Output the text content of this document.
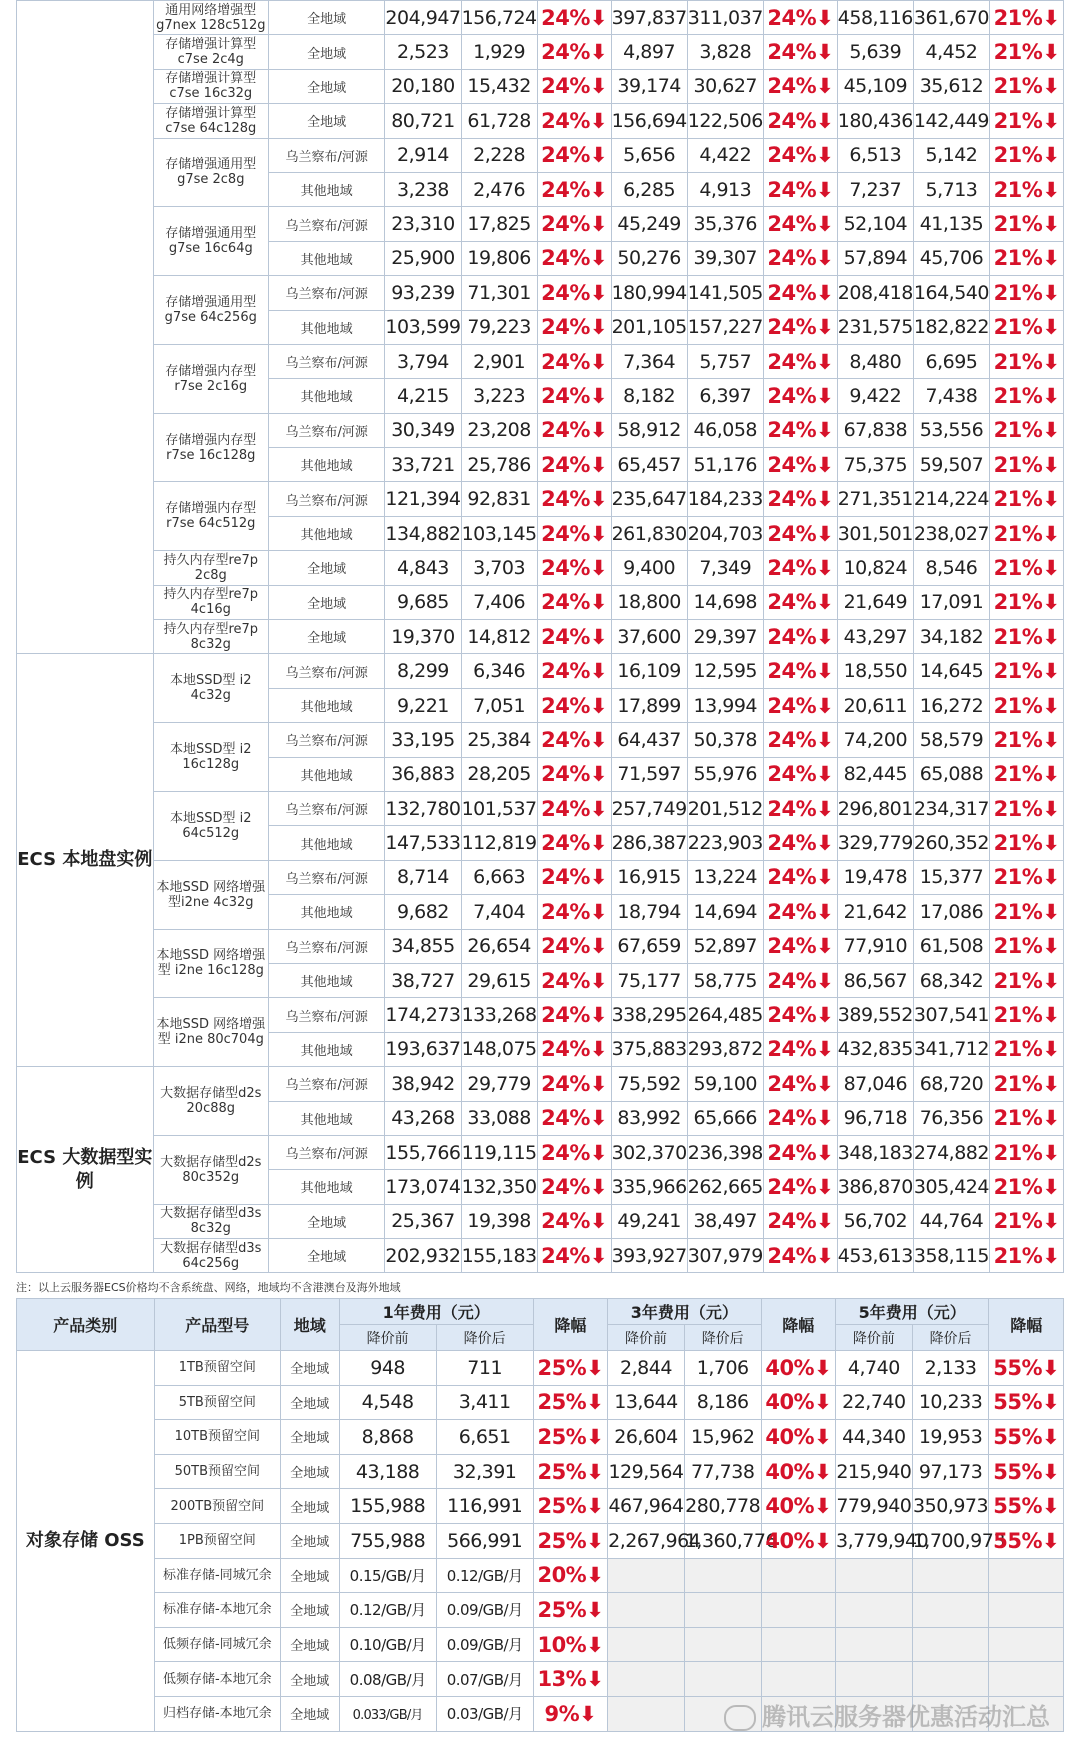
	通用网络增强型 g7nex 128c512g	全地域	204,947	156,724	24%⬇	397,837	311,037	24%⬇	458,116	361,670	21%⬇
	存储增强计算型 c7se 2c4g	全地域	2,523	1,929	24%⬇	4,897	3,828	24%⬇	5,639	4,452	21%⬇
	存储增强计算型 c7se 16c32g	全地域	20,180	15,432	24%⬇	39,174	30,627	24%⬇	45,109	35,612	21%⬇
	存储增强计算型 c7se 64c128g	全地域	80,721	61,728	24%⬇	156,694	122,506	24%⬇	180,436	142,449	21%⬇
	存储增强通用型 g7se 2c8g	乌兰察布/河源	2,914	2,228	24%⬇	5,656	4,422	24%⬇	6,513	5,142	21%⬇
		其他地域	3,238	2,476	24%⬇	6,285	4,913	24%⬇	7,237	5,713	21%⬇
	存储增强通用型 g7se 16c64g	乌兰察布/河源	23,310	17,825	24%⬇	45,249	35,376	24%⬇	52,104	41,135	21%⬇
		其他地域	25,900	19,806	24%⬇	50,276	39,307	24%⬇	57,894	45,706	21%⬇
	存储增强通用型 g7se 64c256g	乌兰察布/河源	93,239	71,301	24%⬇	180,994	141,505	24%⬇	208,418	164,540	21%⬇
		其他地域	103,599	79,223	24%⬇	201,105	157,227	24%⬇	231,575	182,822	21%⬇
	存储增强内存型 r7se 2c16g	乌兰察布/河源	3,794	2,901	24%⬇	7,364	5,757	24%⬇	8,480	6,695	21%⬇
		其他地域	4,215	3,223	24%⬇	8,182	6,397	24%⬇	9,422	7,438	21%⬇
	存储增强内存型 r7se 16c128g	乌兰察布/河源	30,349	23,208	24%⬇	58,912	46,058	24%⬇	67,838	53,556	21%⬇
		其他地域	33,721	25,786	24%⬇	65,457	51,176	24%⬇	75,375	59,507	21%⬇
	存储增强内存型 r7se 64c512g	乌兰察布/河源	121,394	92,831	24%⬇	235,647	184,233	24%⬇	271,351	214,224	21%⬇
		其他地域	134,882	103,145	24%⬇	261,830	204,703	24%⬇	301,501	238,027	21%⬇
	持久内存型re7p 2c8g	全地域	4,843	3,703	24%⬇	9,400	7,349	24%⬇	10,824	8,546	21%⬇
	持久内存型re7p 4c16g	全地域	9,685	7,406	24%⬇	18,800	14,698	24%⬇	21,649	17,091	21%⬇
	持久内存型re7p 8c32g	全地域	19,370	14,812	24%⬇	37,600	29,397	24%⬇	43,297	34,182	21%⬇
ECS 本地盘实例	本地SSD型 i2 4c32g	乌兰察布/河源	8,299	6,346	24%⬇	16,109	12,595	24%⬇	18,550	14,645	21%⬇
		其他地域	9,221	7,051	24%⬇	17,899	13,994	24%⬇	20,611	16,272	21%⬇
	本地SSD型 i2 16c128g	乌兰察布/河源	33,195	25,384	24%⬇	64,437	50,378	24%⬇	74,200	58,579	21%⬇
		其他地域	36,883	28,205	24%⬇	71,597	55,976	24%⬇	82,445	65,088	21%⬇
	本地SSD型 i2 64c512g	乌兰察布/河源	132,780	101,537	24%⬇	257,749	201,512	24%⬇	296,801	234,317	21%⬇
		其他地域	147,533	112,819	24%⬇	286,387	223,903	24%⬇	329,779	260,352	21%⬇
	本地SSD 网络增强型i2ne 4c32g	乌兰察布/河源	8,714	6,663	24%⬇	16,915	13,224	24%⬇	19,478	15,377	21%⬇
		其他地域	9,682	7,404	24%⬇	18,794	14,694	24%⬇	21,642	17,086	21%⬇
	本地SSD 网络增强型 i2ne 16c128g	乌兰察布/河源	34,855	26,654	24%⬇	67,659	52,897	24%⬇	77,910	61,508	21%⬇
		其他地域	38,727	29,615	24%⬇	75,177	58,775	24%⬇	86,567	68,342	21%⬇
	本地SSD 网络增强型 i2ne 80c704g	乌兰察布/河源	174,273	133,268	24%⬇	338,295	264,485	24%⬇	389,552	307,541	21%⬇
		其他地域	193,637	148,075	24%⬇	375,883	293,872	24%⬇	432,835	341,712	21%⬇
ECS 大数据型实例	大数据存储型d2s 20c88g	乌兰察布/河源	38,942	29,779	24%⬇	75,592	59,100	24%⬇	87,046	68,720	21%⬇
		其他地域	43,268	33,088	24%⬇	83,992	65,666	24%⬇	96,718	76,356	21%⬇
	大数据存储型d2s 80c352g	乌兰察布/河源	155,766	119,115	24%⬇	302,370	236,398	24%⬇	348,183	274,882	21%⬇
		其他地域	173,074	132,350	24%⬇	335,966	262,665	24%⬇	386,870	305,424	21%⬇
	大数据存储型d3s 8c32g	全地域	25,367	19,398	24%⬇	49,241	38,497	24%⬇	56,702	44,764	21%⬇
	大数据存储型d3s 64c256g	全地域	202,932	155,183	24%⬇	393,927	307,979	24%⬇	453,613	358,115	21%⬇
注：以上云服务器ECS价格均不含系统盘、网络，地域均不含港澳台及海外地域
产品类别	产品型号	地域	1年费用（元）		降幅	3年费用（元）		降幅	5年费用（元）		降幅
			降价前	降价后		降价前	降价后		降价前	降价后	
对象存储 OSS	1TB预留空间	全地域	948	711	25%⬇	2,844	1,706	40%⬇	4,740	2,133	55%⬇
	5TB预留空间	全地域	4,548	3,411	25%⬇	13,644	8,186	40%⬇	22,740	10,233	55%⬇
	10TB预留空间	全地域	8,868	6,651	25%⬇	26,604	15,962	40%⬇	44,340	19,953	55%⬇
	50TB预留空间	全地域	43,188	32,391	25%⬇	129,564	77,738	40%⬇	215,940	97,173	55%⬇
	200TB预留空间	全地域	155,988	116,991	25%⬇	467,964	280,778	40%⬇	779,940	350,973	55%⬇
	1PB预留空间	全地域	755,988	566,991	25%⬇	2,267,964	1,360,776	40%⬇	3,779,940	1,700,973	55%⬇
	标准存储-同城冗余	全地域	0.15/GB/月	0.12/GB/月	20%⬇						
	标准存储-本地冗余	全地域	0.12/GB/月	0.09/GB/月	25%⬇						
	低频存储-同城冗余	全地域	0.10/GB/月	0.09/GB/月	10%⬇						
	低频存储-本地冗余	全地域	0.08/GB/月	0.07/GB/月	13%⬇						
	归档存储-本地冗余	全地域	0.033/GB/月	0.03/GB/月	9%⬇							腾讯云服务器优惠活动汇总
